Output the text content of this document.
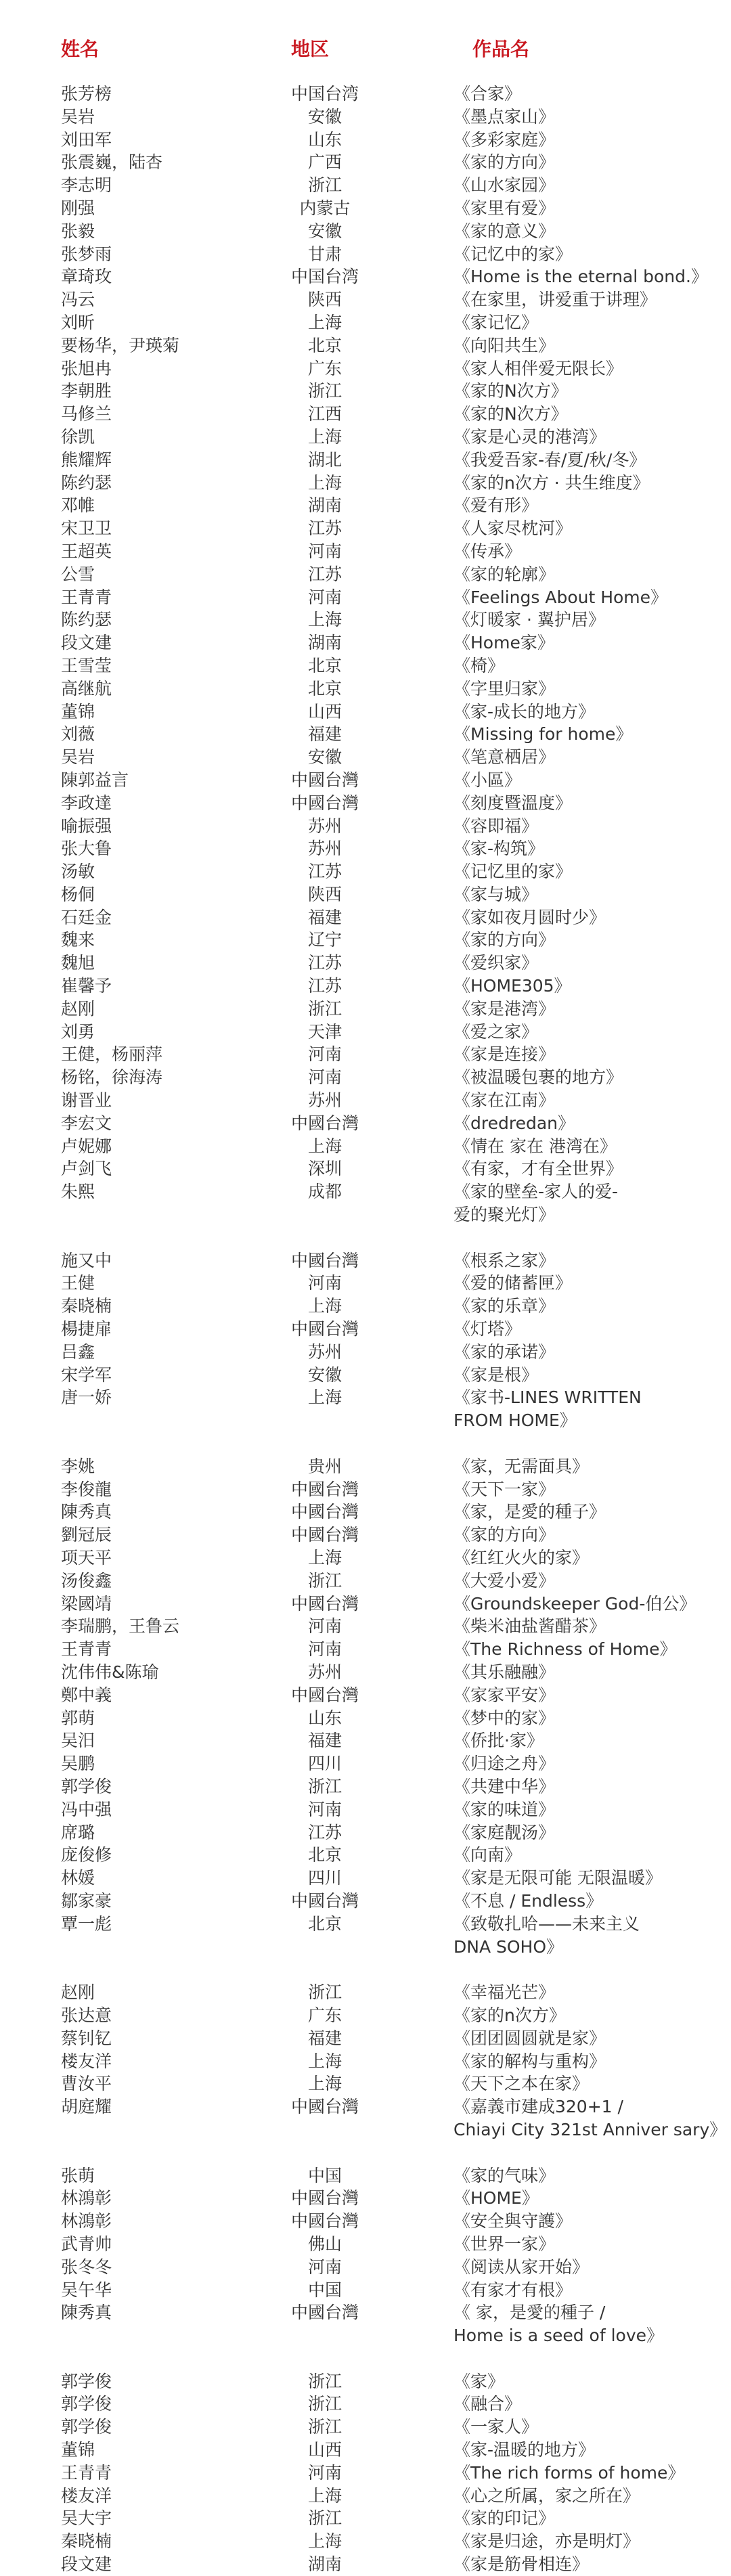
姓名	地区	作品名
张芳榜	中国台湾	《合家》
吴岩	安徽	《墨点家山》
刘田军	山东	《多彩家庭》
张震巍，陆杏	广西	《家的方向》
李志明	浙江	《山水家园》
刚强	内蒙古	《家里有爱》
张毅	安徽	《家的意义》
张梦雨	甘肃	《记忆中的家》
章琦玫	中国台湾	《Home is the eternal bond.》
冯云	陕西	《在家里，讲爱重于讲理》
刘昕	上海	《家记忆》
要杨华，尹瑛菊	北京	《向阳共生》
张旭冉	广东	《家人相伴爱无限长》
李朝胜	浙江	《家的N次方》
马修兰	江西	《家的N次方》
徐凯	上海	《家是心灵的港湾》
熊耀辉	湖北	《我爱吾家-春/夏/秋/冬》
陈约瑟	上海	《家的n次方 · 共生维度》
邓帷	湖南	《爱有形》
宋卫卫	江苏	《人家尽枕河》
王超英	河南	《传承》
公雪	江苏	《家的轮廓》
王青青	河南	《Feelings About Home》
陈约瑟	上海	《灯暖家 · 翼护居》
段文建	湖南	《Home家》
王雪莹	北京	《椅》
高继航	北京	《字里归家》
董锦	山西	《家-成长的地方》
刘薇	福建	《Missing for home》
吴岩	安徽	《笔意栖居》
陳郭益言	中國台灣	《小區》
李政達	中國台灣	《刻度暨溫度》
喻振强	苏州	《容即福》
张大鲁	苏州	《家-构筑》
汤敏	江苏	《记忆里的家》
杨侗	陕西	《家与城》
石廷金	福建	《家如夜月圆时少》
魏来	辽宁	《家的方向》
魏旭	江苏	《爱织家》
崔馨予	江苏	《HOME305》
赵刚	浙江	《家是港湾》
刘勇	天津	《爱之家》
王健，杨丽萍	河南	《家是连接》
杨铭，徐海涛	河南	《被温暖包裹的地方》
谢晋业	苏州	《家在江南》
李宏文	中國台灣	《dredredan》
卢妮娜	上海	《情在 家在 港湾在》
卢剑飞	深圳	《有家，才有全世界》
朱熙	成都	《家的壁垒-家人的爱-
爱的聚光灯》
施又中	中國台灣	《根系之家》
王健	河南	《爱的储蓄匣》
秦晓楠	上海	《家的乐章》
楊捷扉	中國台灣	《灯塔》
吕鑫	苏州	《家的承诺》
宋学军	安徽	《家是根》
唐一娇	上海	《家书-LINES WRITTEN
FROM HOME》
李姚	贵州	《家，无需面具》
李俊龍	中國台灣	《天下一家》
陳秀真	中國台灣	《家，是愛的種子》
劉冠辰	中國台灣	《家的方向》
项天平	上海	《红红火火的家》
汤俊鑫	浙江	《大爱小爱》
梁國靖	中國台灣	《Groundskeeper God-伯公》
李瑞鹏，王鲁云	河南	《柴米油盐酱醋茶》
王青青	河南	《The Richness of Home》
沈伟伟&陈瑜	苏州	《其乐融融》
鄭中義	中國台灣	《家家平安》
郭萌	山东	《梦中的家》
吴汨	福建	《侨批·家》
吴鹏	四川	《归途之舟》
郭学俊	浙江	《共建中华》
冯中强	河南	《家的味道》
席璐	江苏	《家庭靓汤》
庞俊修	北京	《向南》
林媛	四川	《家是无限可能 无限温暖》
鄒家豪	中國台灣	《不息 / Endless》
覃一彪	北京	《致敬扎哈——未来主义
DNA SOHO》
赵刚	浙江	《幸福光芒》
张达意	广东	《家的n次方》
蔡钊钇	福建	《团团圆圆就是家》
楼友洋	上海	《家的解构与重构》
曹汝平	上海	《天下之本在家》
胡庭耀	中國台灣	《嘉義市建成320+1 /
Chiayi City 321st Anniver sary》
张萌	中国	《家的气味》
林鴻彰	中國台灣	《HOME》
林鴻彰	中國台灣	《安全與守護》
武青帅	佛山	《世界一家》
张冬冬	河南	《阅读从家开始》
吴午华	中国	《有家才有根》
陳秀真	中國台灣	《 家，是愛的種子 /
Home is a seed of love》
郭学俊	浙江	《家》
郭学俊	浙江	《融合》
郭学俊	浙江	《一家人》
董锦	山西	《家-温暖的地方》
王青青	河南	《The rich forms of home》
楼友洋	上海	《心之所属，家之所在》
吴大宇	浙江	《家的印记》
秦晓楠	上海	《家是归途，亦是明灯》
段文建	湖南	《家是筋骨相连》
